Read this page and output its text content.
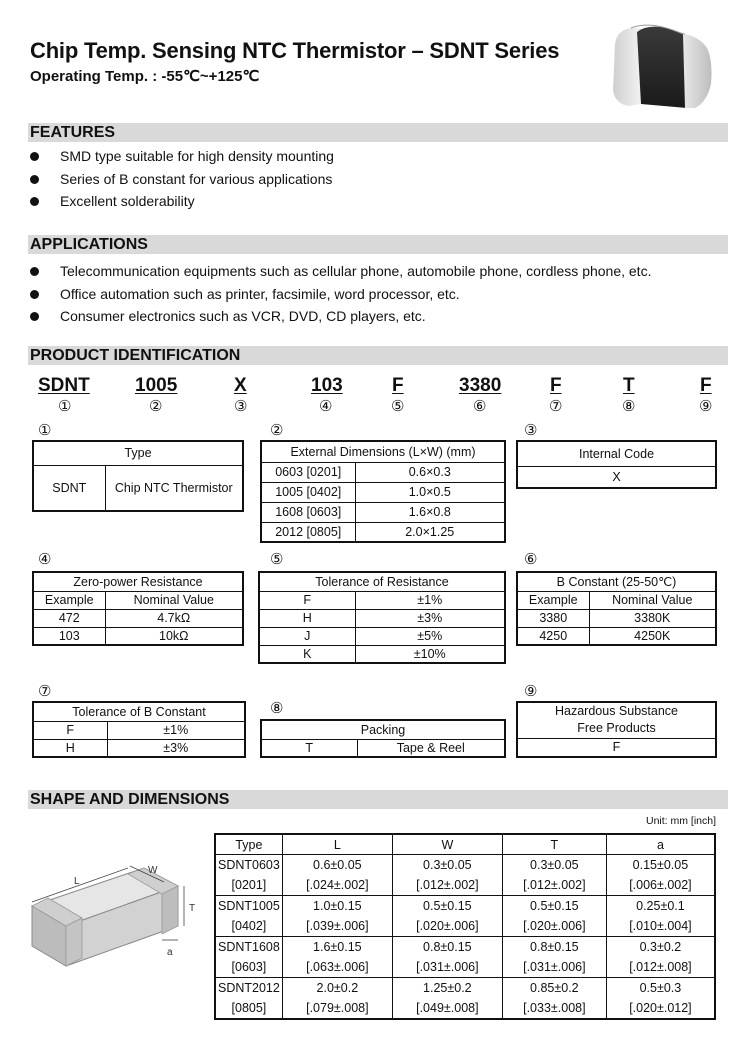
Chip Temp. Sensing NTC Thermistor – SDNT Series
Operating Temp. : -55℃~+125℃
FEATURES
SMD type suitable for high density mounting
Series of B constant for various applications
Excellent solderability
APPLICATIONS
Telecommunication equipments such as cellular phone, automobile phone, cordless phone, etc.
Office automation such as printer, facsimile, word processor, etc.
Consumer electronics such as VCR, DVD, CD players, etc.
PRODUCT IDENTIFICATION
SDNT
①
1005
②
X
③
103
④
F
⑤
3380
⑥
F
⑦
T
⑧
F
⑨
①
Type
SDNT	Chip NTC Thermistor
②
External Dimensions (L×W) (mm)	
0603 [0201]	0.6×0.3
1005 [0402]	1.0×0.5
1608 [0603]	1.6×0.8
2012 [0805]	2.0×1.25
③
Internal Code
X
④
Zero-power Resistance	
Example	Nominal Value
472	4.7kΩ
103	10kΩ
⑤
Tolerance of Resistance	
F	±1%
H	±3%
J	±5%
K	±10%
⑥
B Constant (25-50℃)	
Example	Nominal Value
3380	3380K
4250	4250K
⑦
Tolerance of B Constant	
F	±1%
H	±3%
⑧
Packing
T	Tape & Reel
⑨
Hazardous Substance
Free Products

F
SHAPE AND DIMENSIONS
Unit: mm [inch]
L
W
T
a
Type	L	W	T	a
SDNT0603	0.6±0.05	0.3±0.05	0.3±0.05	0.15±0.05
[0201]	[.024±.002]	[.012±.002]	[.012±.002]	[.006±.002]
SDNT1005	1.0±0.15	0.5±0.15	0.5±0.15	0.25±0.1
[0402]	[.039±.006]	[.020±.006]	[.020±.006]	[.010±.004]
SDNT1608	1.6±0.15	0.8±0.15	0.8±0.15	0.3±0.2
[0603]	[.063±.006]	[.031±.006]	[.031±.006]	[.012±.008]
SDNT2012	2.0±0.2	1.25±0.2	0.85±0.2	0.5±0.3
[0805]	[.079±.008]	[.049±.008]	[.033±.008]	[.020±.012]
